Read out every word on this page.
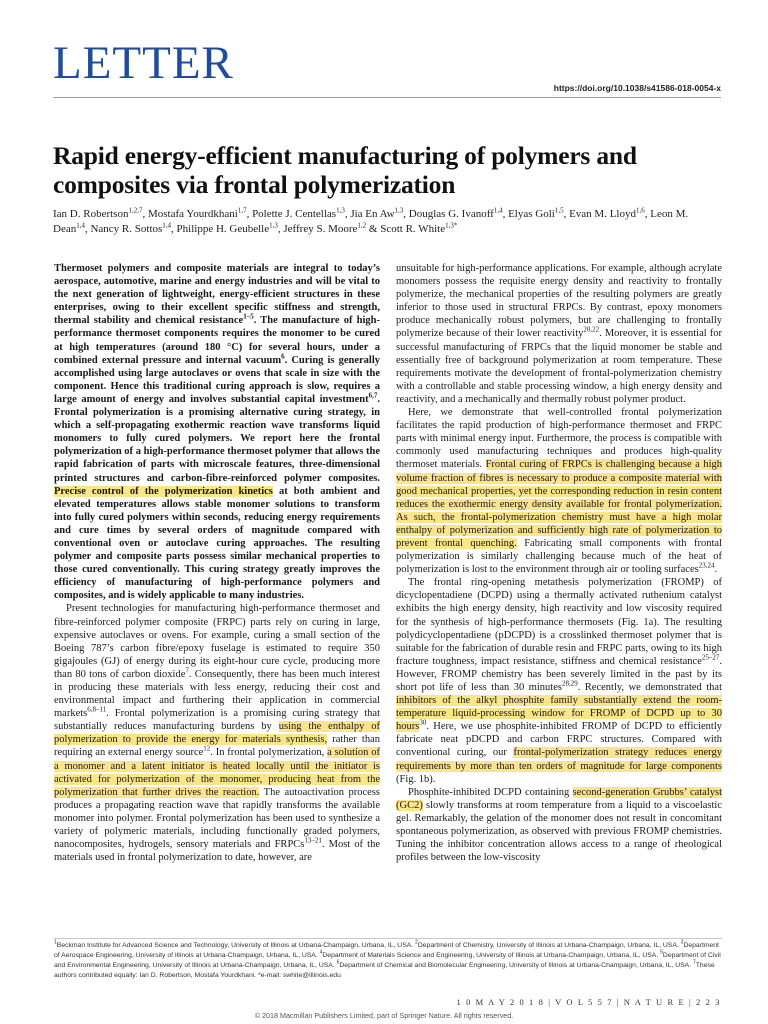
LETTER	https://doi.org/10.1038/s41586-018-0054-x
Rapid energy-efficient manufacturing of polymers and composites via frontal polymerization
Ian D. Robertson$^{1,2,7}$, Mostafa Yourdkhani$^{1,7}$, Polette J. Centellas$^{1,3}$, Jia En Aw$^{1,3}$, Douglas G. Ivanoff$^{1,4}$, Elyas Goli$^{1,5}$, Evan M. Lloyd$^{1,6}$, Leon M. Dean$^{1,4}$, Nancy R. Sottos$^{1,4}$, Philippe H. Geubelle$^{1,3}$, Jeffrey S. Moore$^{1,2}$ & Scott R. White$^{1,3*}$

Thermoset polymers and composite materials are integral to today’s aerospace, automotive, marine and energy industries and will be vital to the next generation of lightweight, energy-efficient structures in these enterprises, owing to their excellent specific stiffness and strength, thermal stability and chemical resistance$^{1-5}$. The manufacture of high-performance thermoset components requires the monomer to be cured at high temperatures (around 180 °C) for several hours, under a combined external pressure and internal vacuum$^6$. Curing is generally accomplished using large autoclaves or ovens that scale in size with the component. Hence this traditional curing approach is slow, requires a large amount of energy and involves substantial capital investment$^{6,7}$. Frontal polymerization is a promising alternative curing strategy, in which a self-propagating exothermic reaction wave transforms liquid monomers to fully cured polymers. We report here the frontal polymerization of a high-performance thermoset polymer that allows the rapid fabrication of parts with microscale features, three-dimensional printed structures and carbon-fibre-reinforced polymer composites. Precise control of the polymerization kinetics at both ambient and elevated temperatures allows stable monomer solutions to transform into fully cured polymers within seconds, reducing energy requirements and cure times by several orders of magnitude compared with conventional oven or autoclave curing approaches. The resulting polymer and composite parts possess similar mechanical properties to those cured conventionally. This curing strategy greatly improves the efficiency of manufacturing of high-performance polymers and composites, and is widely applicable to many industries.

Present technologies for manufacturing high-performance thermoset and fibre-reinforced polymer composite (FRPC) parts rely on curing in large, expensive autoclaves or ovens. For example, curing a small section of the Boeing 787’s carbon fibre/epoxy fuselage is estimated to require 350 gigajoules (GJ) of energy during its eight-hour cure cycle, producing more than 80 tons of carbon dioxide$^7$. Consequently, there has been much interest in producing these materials with less energy, reducing their cost and environmental impact and furthering their application in commercial markets$^{6,8-11}$. Frontal polymerization is a promising curing strategy that substantially reduces manufacturing burdens by using the enthalpy of polymerization to provide the energy for materials synthesis, rather than requiring an external energy source$^{12}$. In frontal polymerization, a solution of a monomer and a latent initiator is heated locally until the initiator is activated for polymerization of the monomer, producing heat from the polymerization that further drives the reaction. The autoactivation process produces a propagating reaction wave that rapidly transforms the available monomer into polymer. Frontal polymerization has been used to synthesize a variety of polymeric materials, including functionally graded polymers, nanocomposites, hydrogels, sensory materials and FRPCs$^{13-21}$. Most of the materials used in frontal polymerization to date, however, are

unsuitable for high-performance applications. For example, although acrylate monomers possess the requisite energy density and reactivity to frontally polymerize, the mechanical properties of the resulting polymers are greatly inferior to those used in structural FRPCs. By contrast, epoxy monomers produce mechanically robust polymers, but are challenging to frontally polymerize because of their lower reactivity$^{20,22}$. Moreover, it is essential for successful manufacturing of FRPCs that the liquid monomer be stable and essentially free of background polymerization at room temperature. These requirements motivate the development of frontal-polymerization chemistry with a controllable and stable processing window, a high energy density and reactivity, and a mechanically and thermally robust polymer product.

Here, we demonstrate that well-controlled frontal polymerization facilitates the rapid production of high-performance thermoset and FRPC parts with minimal energy input. Furthermore, the process is compatible with commonly used manufacturing techniques and produces high-quality thermoset materials. Frontal curing of FRPCs is challenging because a high volume fraction of fibres is necessary to produce a composite material with good mechanical properties, yet the corresponding reduction in resin content reduces the exothermic energy density available for frontal polymerization. As such, the frontal-polymerization chemistry must have a high molar enthalpy of polymerization and sufficiently high rate of polymerization to prevent frontal quenching. Fabricating small components with frontal polymerization is similarly challenging because much of the heat of polymerization is lost to the environment through air or tooling surfaces$^{23,24}$.

The frontal ring-opening metathesis polymerization (FROMP) of dicyclopentadiene (DCPD) using a thermally activated ruthenium catalyst exhibits the high energy density, high reactivity and low viscosity required for the synthesis of high-performance thermosets (Fig. 1a). The resulting polydicyclopentadiene (pDCPD) is a crosslinked thermoset polymer that is suitable for the fabrication of durable resin and FRPC parts, owing to its high fracture toughness, impact resistance, stiffness and chemical resistance$^{25-27}$. However, FROMP chemistry has been severely limited in the past by its short pot life of less than 30 minutes$^{28,29}$. Recently, we demonstrated that inhibitors of the alkyl phosphite family substantially extend the room-temperature liquid-processing window for FROMP of DCPD up to 30 hours$^{30}$. Here, we use phosphite-inhibited FROMP of DCPD to efficiently fabricate neat pDCPD and carbon FRPC structures. Compared with conventional curing, our frontal-polymerization strategy reduces energy requirements by more than ten orders of magnitude for large components (Fig. 1b).

Phosphite-inhibited DCPD containing second-generation Grubbs’ catalyst (GC2) slowly transforms at room temperature from a liquid to a viscoelastic gel. Remarkably, the gelation of the monomer does not result in concomitant spontaneous polymerization, as observed with previous FROMP chemistries. Tuning the inhibitor concentration allows access to a range of rheological profiles between the low-viscosity

$^1$Beckman Institute for Advanced Science and Technology, University of Illinois at Urbana-Champaign, Urbana, IL, USA. $^2$Department of Chemistry, University of Illinois at Urbana-Champaign, Urbana, IL, USA. $^3$Department of Aerospace Engineering, University of Illinois at Urbana-Champaign, Urbana, IL, USA. $^4$Department of Materials Science and Engineering, University of Illinois at Urbana-Champaign, Urbana, IL, USA. $^5$Department of Civil and Environmental Engineering, University of Illinois at Urbana-Champaign, Urbana, IL, USA. $^6$Department of Chemical and Biomolecular Engineering, University of Illinois at Urbana-Champaign, Urbana, IL, USA. $^7$These authors contributed equally: Ian D. Robertson, Mostafa Yourdkhani. *e-mail: swhite@illinois.edu
1 0 M A Y 2 0 1 8 | V O L 5 5 7 | N A T U R E | 2 2 3
© 2018 Macmillan Publishers Limited, part of Springer Nature. All rights reserved.
